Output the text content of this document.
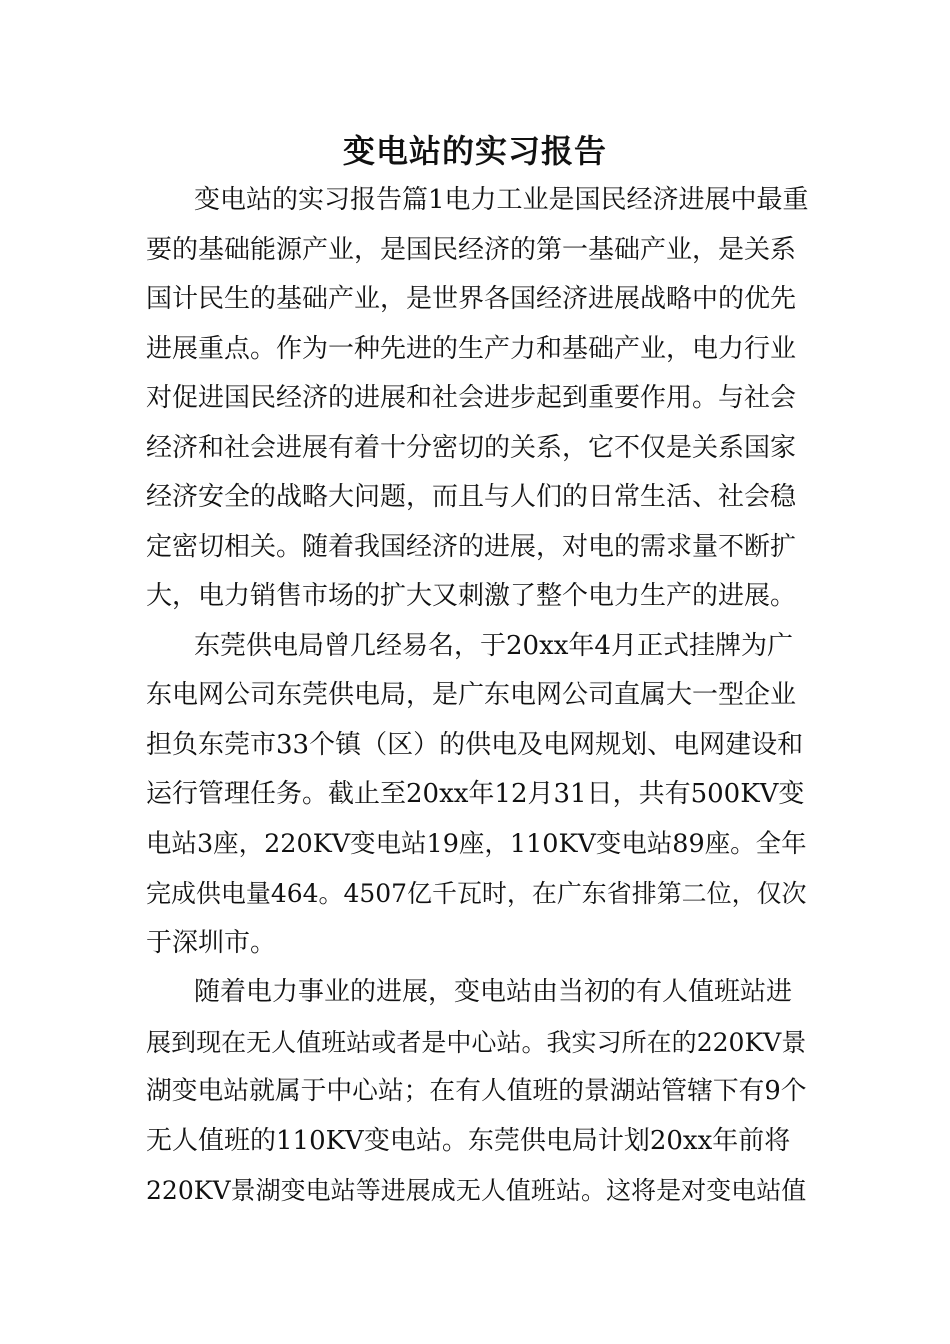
变电站的实习报告
变电站的实习报告篇1电力工业是国民经济进展中最重
要的基础能源产业，是国民经济的第一基础产业，是关系
国计民生的基础产业，是世界各国经济进展战略中的优先
进展重点。作为一种先进的生产力和基础产业，电力行业
对促进国民经济的进展和社会进步起到重要作用。与社会
经济和社会进展有着十分密切的关系，它不仅是关系国家
经济安全的战略大问题，而且与人们的日常生活、社会稳
定密切相关。随着我国经济的进展，对电的需求量不断扩
大，电力销售市场的扩大又刺激了整个电力生产的进展。
东莞供电局曾几经易名，于20xx年4月正式挂牌为广
东电网公司东莞供电局，是广东电网公司直属大一型企业
担负东莞市33个镇（区）的供电及电网规划、电网建设和
运行管理任务。截止至20xx年12月31日，共有500KV变
电站3座，220KV变电站19座，110KV变电站89座。全年
完成供电量464。4507亿千瓦时，在广东省排第二位，仅次
于深圳市。
随着电力事业的进展，变电站由当初的有人值班站进
展到现在无人值班站或者是中心站。我实习所在的220KV景
湖变电站就属于中心站；在有人值班的景湖站管辖下有9个
无人值班的110KV变电站。东莞供电局计划20xx年前将
220KV景湖变电站等进展成无人值班站。这将是对变电站值
